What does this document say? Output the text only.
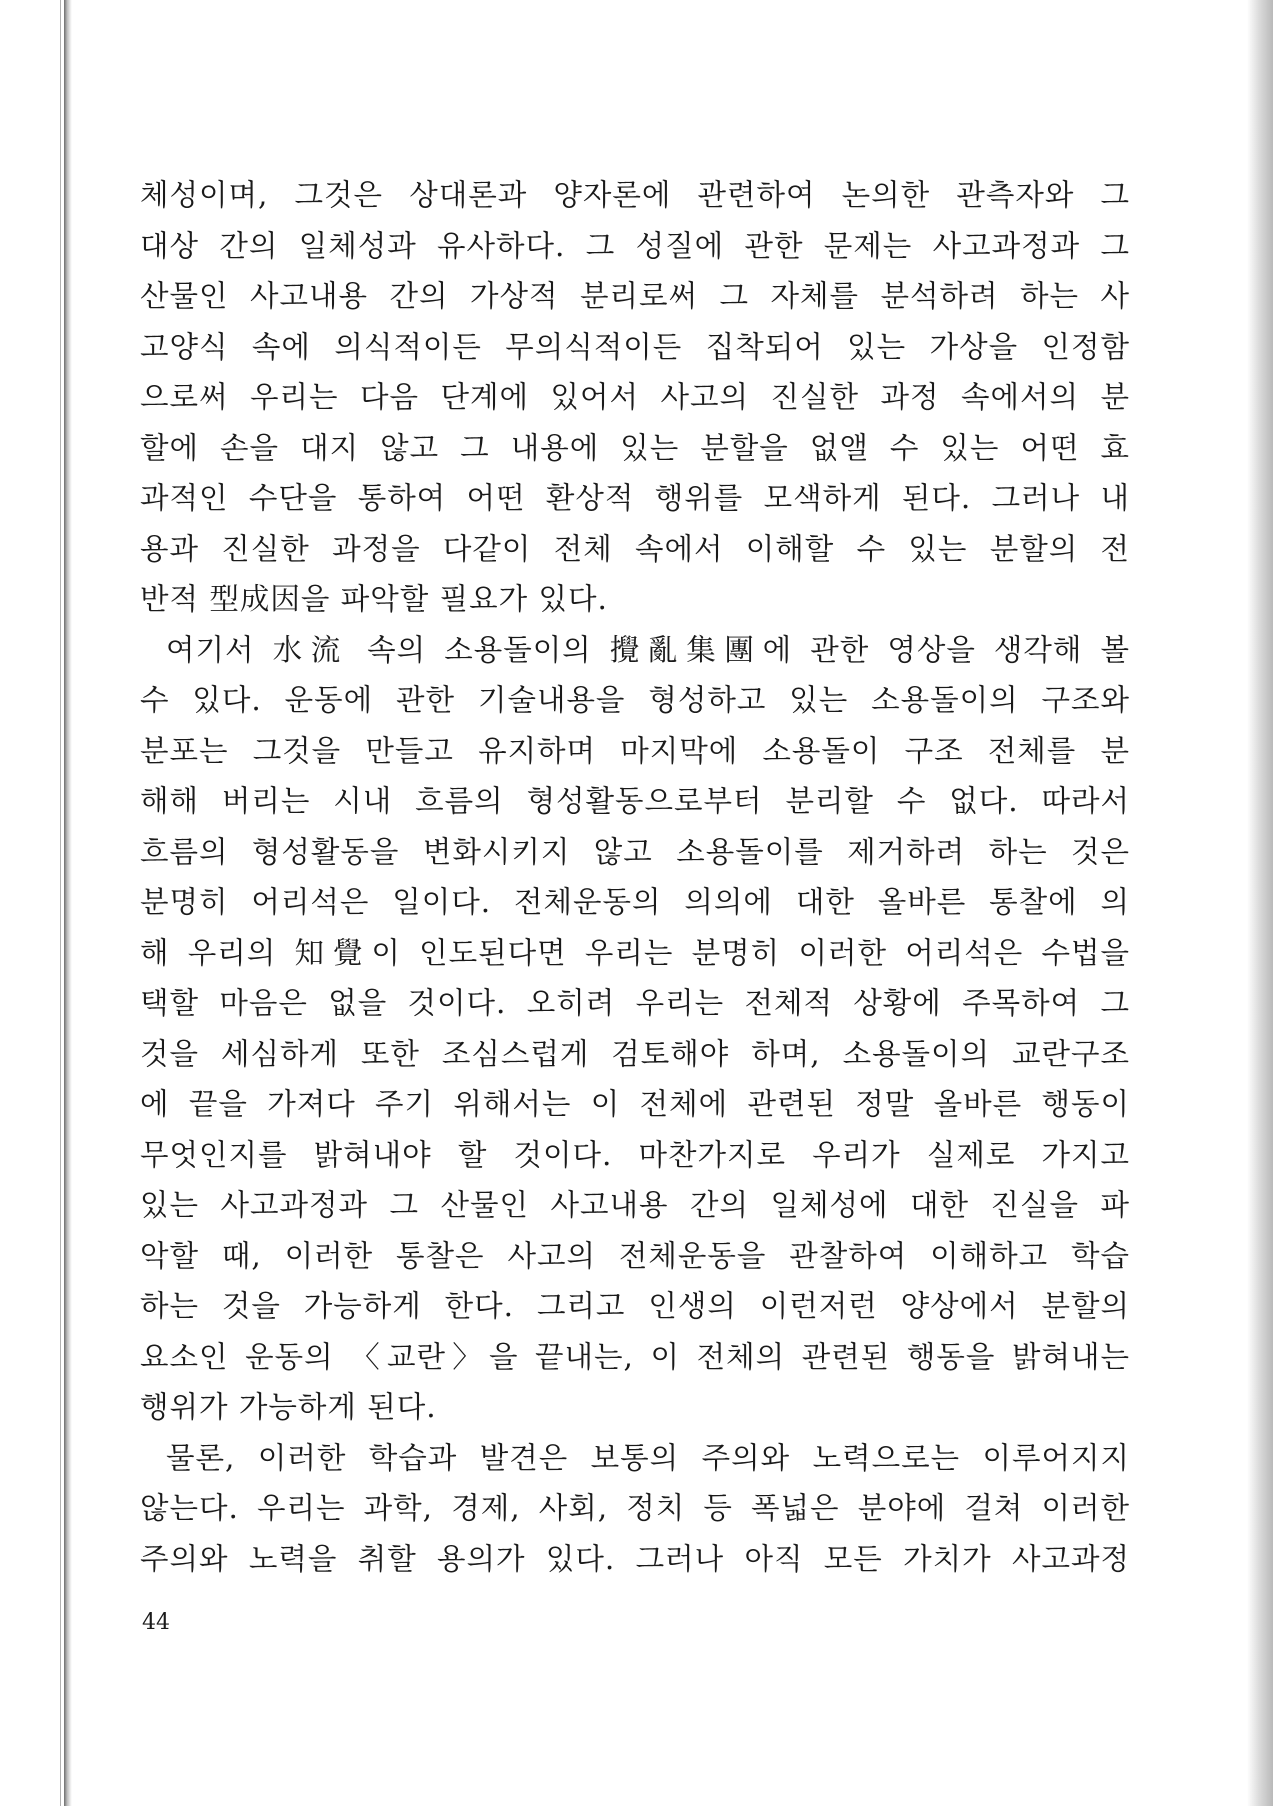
체성이며, 그것은 상대론과 양자론에 관련하여 논의한 관측자와 그
대상 간의 일체성과 유사하다. 그 성질에 관한 문제는 사고과정과 그
산물인 사고내용 간의 가상적 분리로써 그 자체를 분석하려 하는 사
고양식 속에 의식적이든 무의식적이든 집착되어 있는 가상을 인정함
으로써 우리는 다음 단계에 있어서 사고의 진실한 과정 속에서의 분
할에 손을 대지 않고 그 내용에 있는 분할을 없앨 수 있는 어떤 효
과적인 수단을 통하여 어떤 환상적 행위를 모색하게 된다. 그러나 내
용과 진실한 과정을 다같이 전체 속에서 이해할 수 있는 분할의 전
반적 型成因을 파악할 필요가 있다.
여기서 水流 속의 소용돌이의 攪亂集團에 관한 영상을 생각해 볼
수 있다. 운동에 관한 기술내용을 형성하고 있는 소용돌이의 구조와
분포는 그것을 만들고 유지하며 마지막에 소용돌이 구조 전체를 분
해해 버리는 시내 흐름의 형성활동으로부터 분리할 수 없다. 따라서
흐름의 형성활동을 변화시키지 않고 소용돌이를 제거하려 하는 것은
분명히 어리석은 일이다. 전체운동의 의의에 대한 올바른 통찰에 의
해 우리의 知覺이 인도된다면 우리는 분명히 이러한 어리석은 수법을
택할 마음은 없을 것이다. 오히려 우리는 전체적 상황에 주목하여 그
것을 세심하게 또한 조심스럽게 검토해야 하며, 소용돌이의 교란구조
에 끝을 가져다 주기 위해서는 이 전체에 관련된 정말 올바른 행동이
무엇인지를 밝혀내야 할 것이다. 마찬가지로 우리가 실제로 가지고
있는 사고과정과 그 산물인 사고내용 간의 일체성에 대한 진실을 파
악할 때, 이러한 통찰은 사고의 전체운동을 관찰하여 이해하고 학습
하는 것을 가능하게 한다. 그리고 인생의 이런저런 양상에서 분할의
요소인 운동의 〈교란〉을 끝내는, 이 전체의 관련된 행동을 밝혀내는
행위가 가능하게 된다.
물론, 이러한 학습과 발견은 보통의 주의와 노력으로는 이루어지지
않는다. 우리는 과학, 경제, 사회, 정치 등 폭넓은 분야에 걸쳐 이러한
주의와 노력을 취할 용의가 있다. 그러나 아직 모든 가치가 사고과정
44
